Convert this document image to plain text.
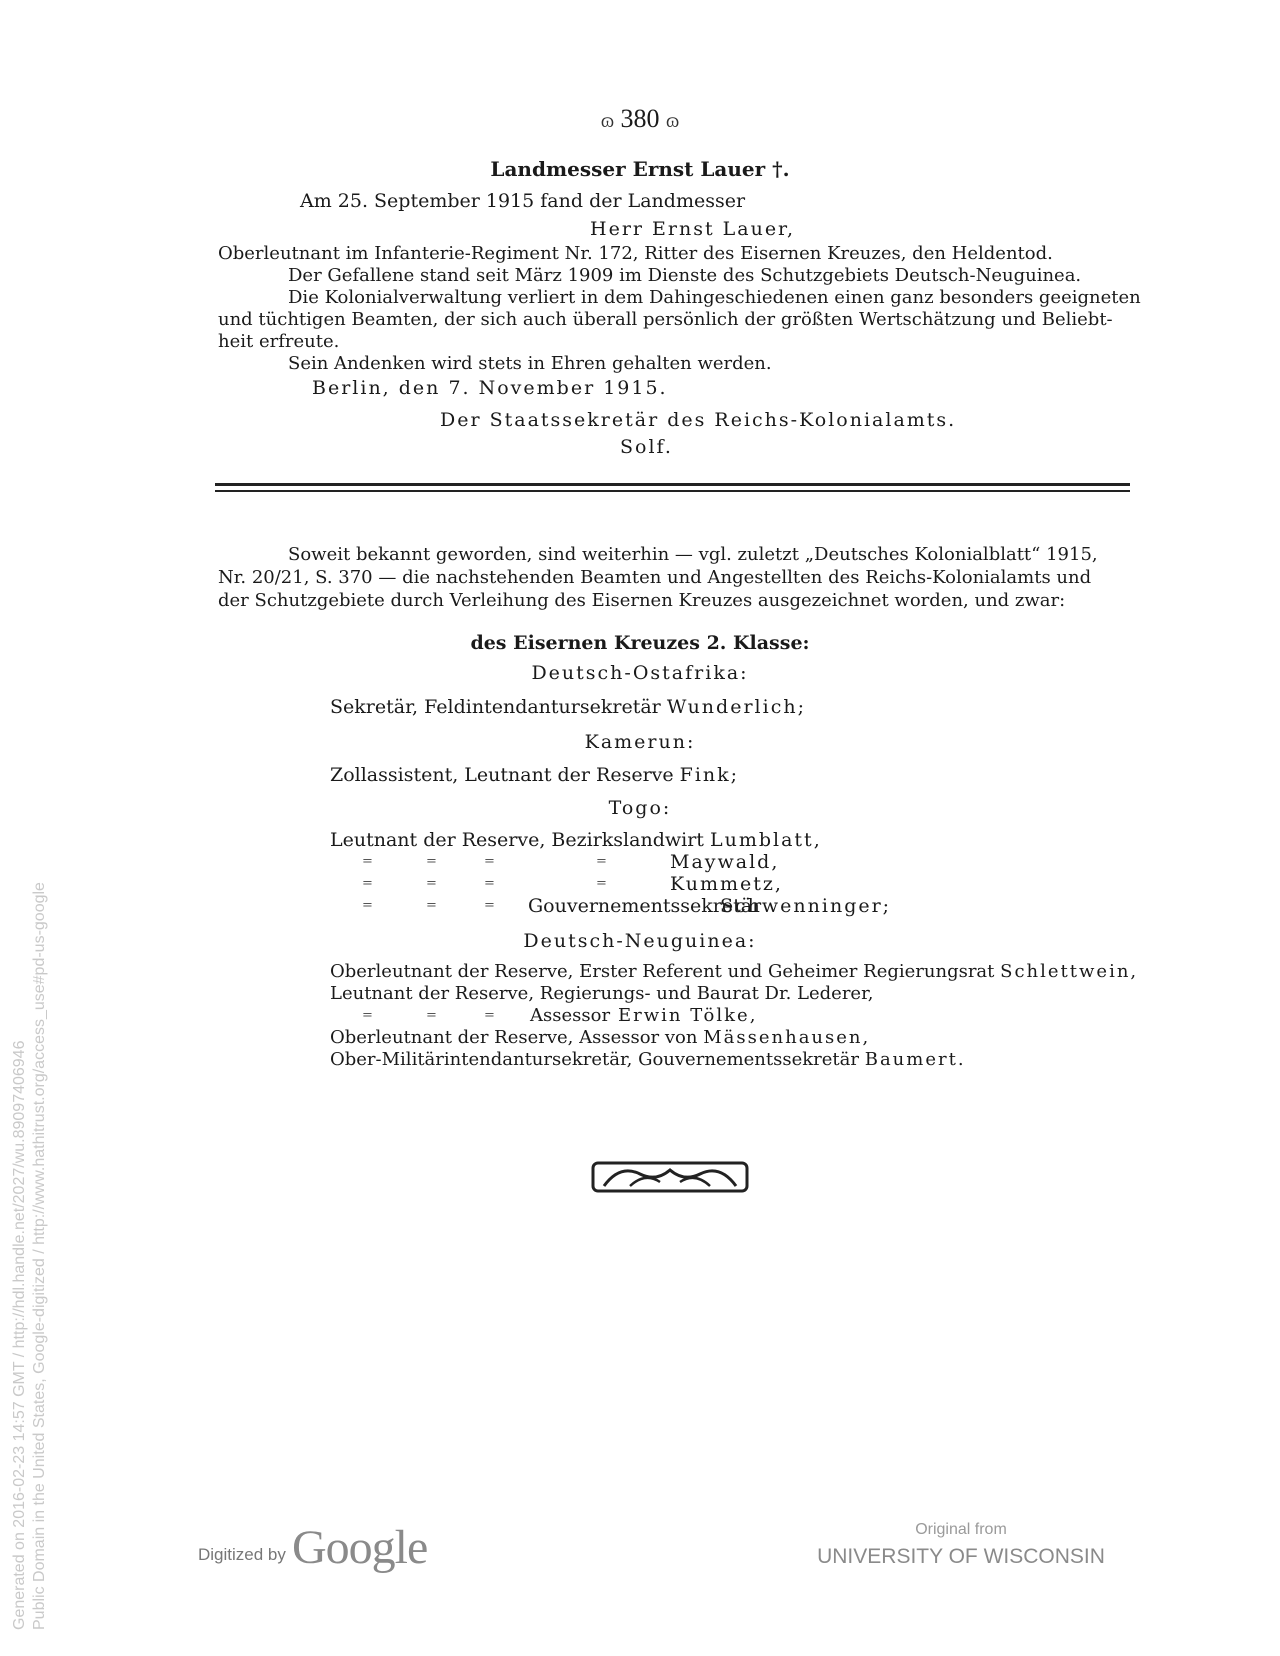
ɷ 380 ɷ
Landmesser Ernst Lauer †.
Am 25. September 1915 fand der Landmesser
Herr Ernst Lauer,
Oberleutnant im Infanterie-Regiment Nr. 172, Ritter des Eisernen Kreuzes, den Heldentod.
Der Gefallene stand seit März 1909 im Dienste des Schutzgebiets Deutsch-Neuguinea.
Die Kolonialverwaltung verliert in dem Dahingeschiedenen einen ganz besonders geeigneten
und tüchtigen Beamten, der sich auch überall persönlich der größten Wertschätzung und Beliebt-
heit erfreute.
Sein Andenken wird stets in Ehren gehalten werden.
Berlin, den 7. November 1915.
Der Staatssekretär des Reichs-Kolonialamts.
Solf.
Soweit bekannt geworden, sind weiterhin — vgl. zuletzt „Deutsches Kolonialblatt“ 1915,
Nr. 20/21, S. 370 — die nachstehenden Beamten und Angestellten des Reichs-Kolonialamts und
der Schutzgebiete durch Verleihung des Eisernen Kreuzes ausgezeichnet worden, und zwar:
des Eisernen Kreuzes 2. Klasse:
Deutsch-Ostafrika:
Sekretär, Feldintendantursekretär Wunderlich;
Kamerun:
Zollassistent, Leutnant der Reserve Fink;
Togo:
Leutnant der Reserve, Bezirkslandwirt Lumblatt,
=	=	=	=	Maywald,
=	=	=	=	Kummetz,
=	=	= Gouvernementssekretär
Schwenninger;
Deutsch-Neuguinea:
Oberleutnant der Reserve, Erster Referent und Geheimer Regierungsrat Schlettwein,
Leutnant der Reserve, Regierungs- und Baurat Dr. Lederer,
=	=	= Assessor Erwin Tölke,
Oberleutnant der Reserve, Assessor von Mässenhausen,
Ober-Militärintendantursekretär, Gouvernementssekretär Baumert.
Digitized by Google	Original from
UNIVERSITY OF WISCONSIN
Generated on 2016-02-23 14:57 GMT / http://hdl.handle.net/2027/wu.89097406946 Public Domain in the United States, Google-digitized / http://www.hathitrust.org/access_use#pd-us-google
